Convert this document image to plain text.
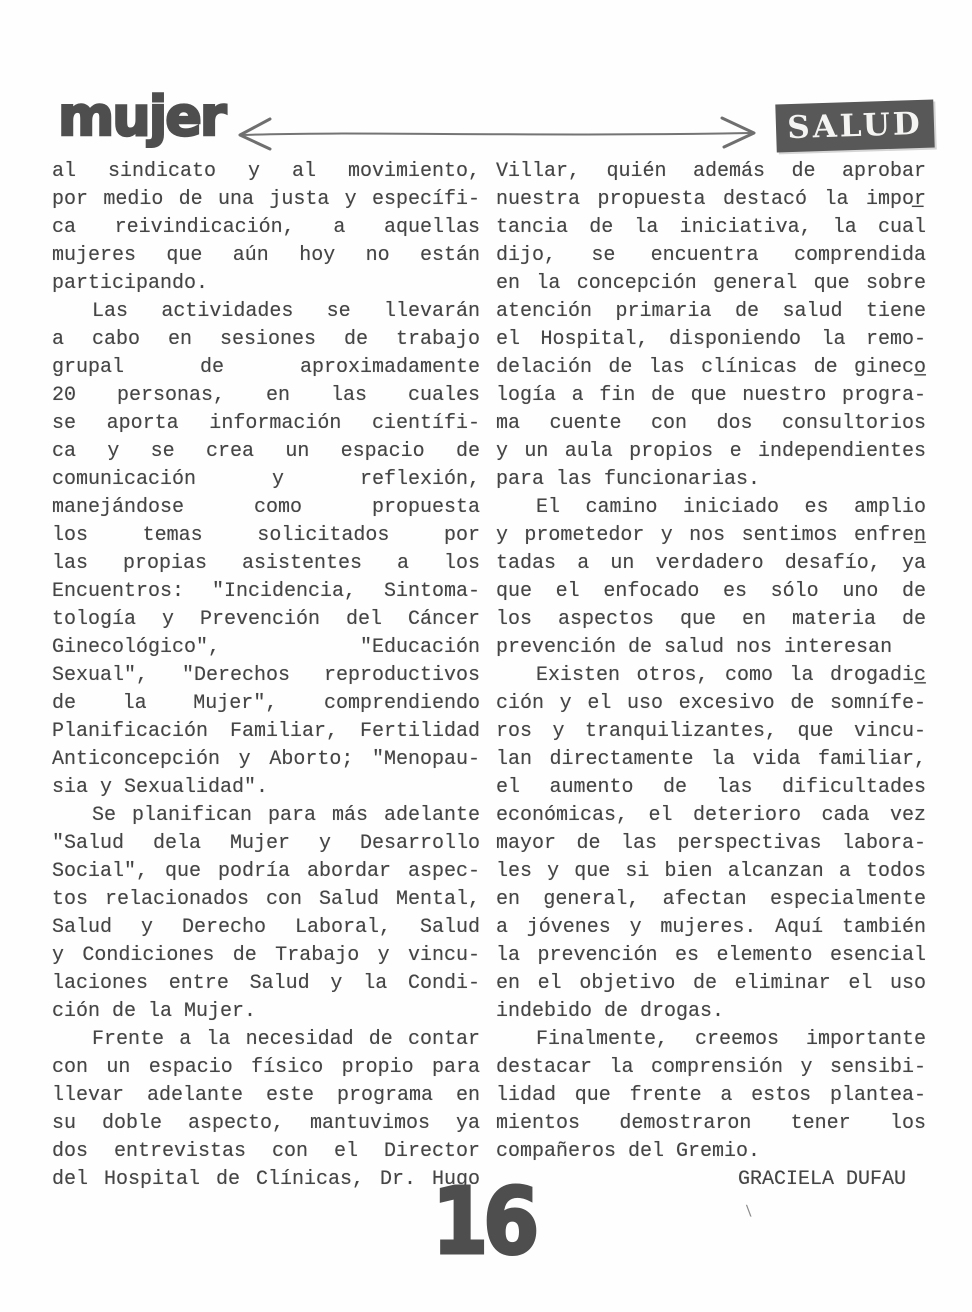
mujer	SALUD
al sindicato y al movimiento,
por medio de una justa y específi-
ca reivindicación, a aquellas
mujeres que aún hoy no están
participando.
Las actividades se llevarán
a cabo en sesiones de trabajo
grupal de aproximadamente
20 personas, en las cuales
se aporta información científi-
ca y se crea un espacio de
comunicación y reflexión,
manejándose como propuesta
los temas solicitados por
las propias asistentes a los
Encuentros: "Incidencia, Sintoma-
tología y Prevención del Cáncer
Ginecológico", "Educación
Sexual", "Derechos reproductivos
de la Mujer", comprendiendo
Planificación Familiar, Fertilidad
Anticoncepción y Aborto; "Menopau-
sia y Sexualidad".
Se planifican para más adelante
"Salud dela Mujer y Desarrollo
Social", que podría abordar aspec-
tos relacionados con Salud Mental,
Salud y Derecho Laboral, Salud
y Condiciones de Trabajo y vincu-
laciones entre Salud y la Condi-
ción de la Mujer.
Frente a la necesidad de contar
con un espacio físico propio para
llevar adelante este programa en
su doble aspecto, mantuvimos ya
dos entrevistas con el Director
del Hospital de Clínicas, Dr. Hugo
Villar, quién además de aprobar
nuestra propuesta destacó la impor̲
tancia de la iniciativa, la cual
dijo, se encuentra comprendida
en la concepción general que sobre
atención primaria de salud tiene
el Hospital, disponiendo la remo-
delación de las clínicas de gineco̲
logía a fin de que nuestro progra-
ma cuente con dos consultorios
y un aula propios e independientes
para las funcionarias.
El camino iniciado es amplio
y prometedor y nos sentimos enfren̲
tadas a un verdadero desafío, ya
que el enfocado es sólo uno de
los aspectos que en materia de
prevención de salud nos interesan
Existen otros, como la drogadic̲
ción y el uso excesivo de somnífe-
ros y tranquilizantes, que vincu-
lan directamente la vida familiar,
el aumento de las dificultades
económicas, el deterioro cada vez
mayor de las perspectivas labora-
les y que si bien alcanzan a todos
en general, afectan especialmente
a jóvenes y mujeres. Aquí también
la prevención es elemento esencial
en el objetivo de eliminar el uso
indebido de drogas.
Finalmente, creemos importante
destacar la comprensión y sensibi-
lidad que frente a estos plantea-
mientos demostraron tener los
compañeros del Gremio.
GRACIELA DUFAU
16	\
